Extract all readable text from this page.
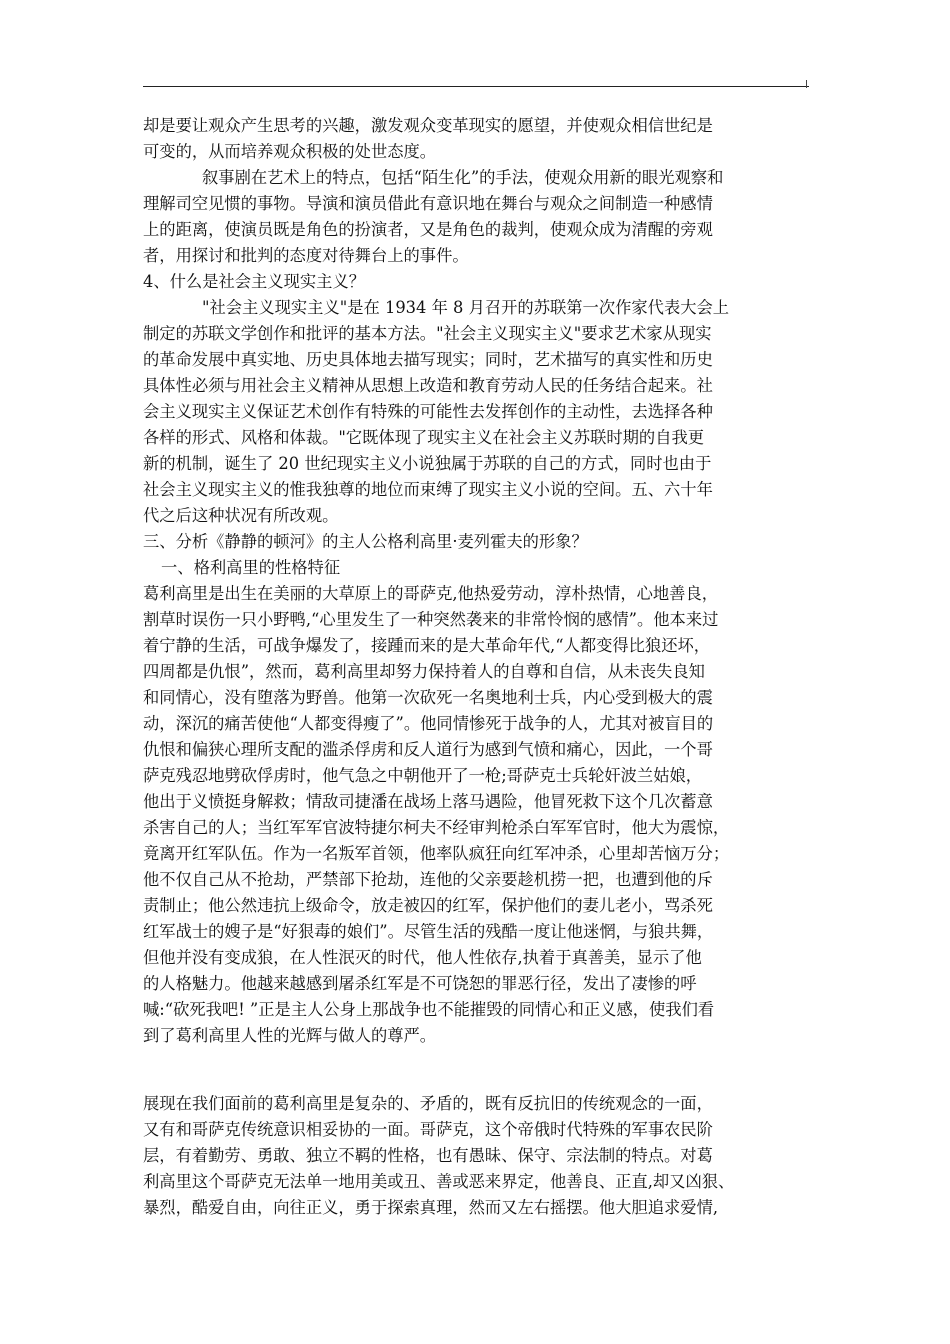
却是要让观众产生思考的兴趣，激发观众变革现实的愿望，并使观众相信世纪是
可变的，从而培养观众积极的处世态度。
叙事剧在艺术上的特点，包括“陌生化”的手法，使观众用新的眼光观察和
理解司空见惯的事物。导演和演员借此有意识地在舞台与观众之间制造一种感情
上的距离，使演员既是角色的扮演者，又是角色的裁判，使观众成为清醒的旁观
者，用探讨和批判的态度对待舞台上的事件。
4、什么是社会主义现实主义？
"社会主义现实主义"是在 1934 年 8 月召开的苏联第一次作家代表大会上
制定的苏联文学创作和批评的基本方法。"社会主义现实主义"要求艺术家从现实
的革命发展中真实地、历史具体地去描写现实；同时，艺术描写的真实性和历史
具体性必须与用社会主义精神从思想上改造和教育劳动人民的任务结合起来。社
会主义现实主义保证艺术创作有特殊的可能性去发挥创作的主动性，去选择各种
各样的形式、风格和体裁。"它既体现了现实主义在社会主义苏联时期的自我更
新的机制，诞生了 20 世纪现实主义小说独属于苏联的自己的方式，同时也由于
社会主义现实主义的惟我独尊的地位而束缚了现实主义小说的空间。五、六十年
代之后这种状况有所改观。
三、分析《静静的顿河》的主人公格利高里·麦列霍夫的形象？
一、格利高里的性格特征
葛利高里是出生在美丽的大草原上的哥萨克,他热爱劳动，淳朴热情，心地善良，
割草时误伤一只小野鸭,“心里发生了一种突然袭来的非常怜悯的感情”。他本来过
着宁静的生活，可战争爆发了，接踵而来的是大革命年代,“人都变得比狼还坏，
四周都是仇恨”，然而，葛利高里却努力保持着人的自尊和自信，从未丧失良知
和同情心，没有堕落为野兽。他第一次砍死一名奥地利士兵，内心受到极大的震
动，深沉的痛苦使他“人都变得瘦了”。他同情惨死于战争的人，尤其对被盲目的
仇恨和偏狭心理所支配的滥杀俘虏和反人道行为感到气愤和痛心，因此，一个哥
萨克残忍地劈砍俘虏时，他气急之中朝他开了一枪;哥萨克士兵轮奸波兰姑娘，
他出于义愤挺身解救；情敌司捷潘在战场上落马遇险，他冒死救下这个几次蓄意
杀害自己的人；当红军军官波特捷尔柯夫不经审判枪杀白军军官时，他大为震惊，
竟离开红军队伍。作为一名叛军首领，他率队疯狂向红军冲杀，心里却苦恼万分；
他不仅自己从不抢劫，严禁部下抢劫，连他的父亲要趁机捞一把，也遭到他的斥
责制止；他公然违抗上级命令，放走被囚的红军，保护他们的妻儿老小，骂杀死
红军战士的嫂子是“好狠毒的娘们”。尽管生活的残酷一度让他迷惘，与狼共舞，
但他并没有变成狼，在人性泯灭的时代，他人性依存,执着于真善美，显示了他
的人格魅力。他越来越感到屠杀红军是不可饶恕的罪恶行径，发出了凄惨的呼
喊:“砍死我吧! ”正是主人公身上那战争也不能摧毁的同情心和正义感，使我们看
到了葛利高里人性的光辉与做人的尊严。
展现在我们面前的葛利高里是复杂的、矛盾的，既有反抗旧的传统观念的一面，
又有和哥萨克传统意识相妥协的一面。哥萨克，这个帝俄时代特殊的军事农民阶
层，有着勤劳、勇敢、独立不羁的性格，也有愚昧、保守、宗法制的特点。对葛
利高里这个哥萨克无法单一地用美或丑、善或恶来界定，他善良、正直,却又凶狠、
暴烈，酷爱自由，向往正义，勇于探索真理，然而又左右摇摆。他大胆追求爱情,
